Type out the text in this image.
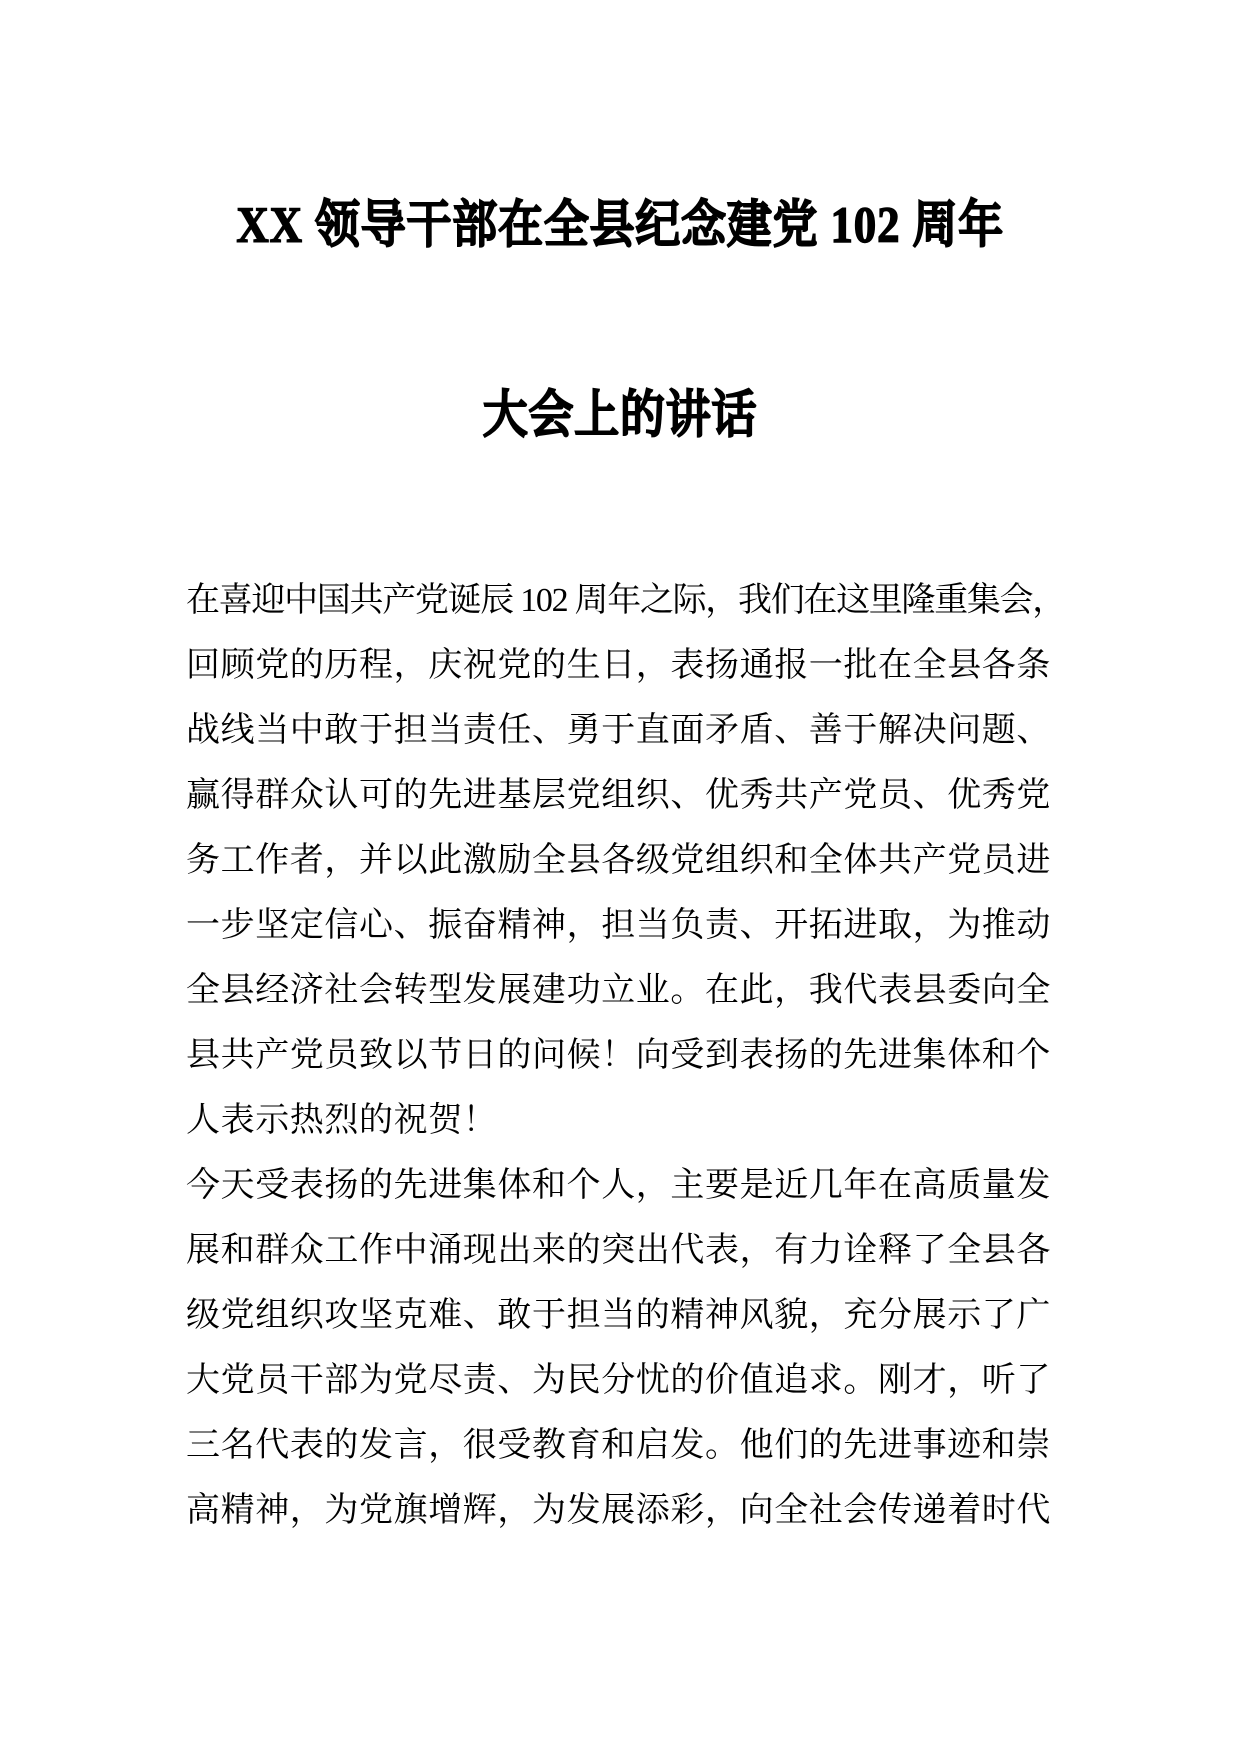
XX 领导干部在全县纪念建党 102 周年
大会上的讲话
在喜迎中国共产党诞辰 102 周年之际，我们在这里隆重集会，
回顾党的历程，庆祝党的生日，表扬通报一批在全县各条
战线当中敢于担当责任、勇于直面矛盾、善于解决问题、
赢得群众认可的先进基层党组织、优秀共产党员、优秀党
务工作者，并以此激励全县各级党组织和全体共产党员进
一步坚定信心、振奋精神，担当负责、开拓进取，为推动
全县经济社会转型发展建功立业。在此，我代表县委向全
县共产党员致以节日的问候！向受到表扬的先进集体和个
人表示热烈的祝贺！
今天受表扬的先进集体和个人，主要是近几年在高质量发
展和群众工作中涌现出来的突出代表，有力诠释了全县各
级党组织攻坚克难、敢于担当的精神风貌，充分展示了广
大党员干部为党尽责、为民分忧的价值追求。刚才，听了
三名代表的发言，很受教育和启发。他们的先进事迹和崇
高精神，为党旗增辉，为发展添彩，向全社会传递着时代
